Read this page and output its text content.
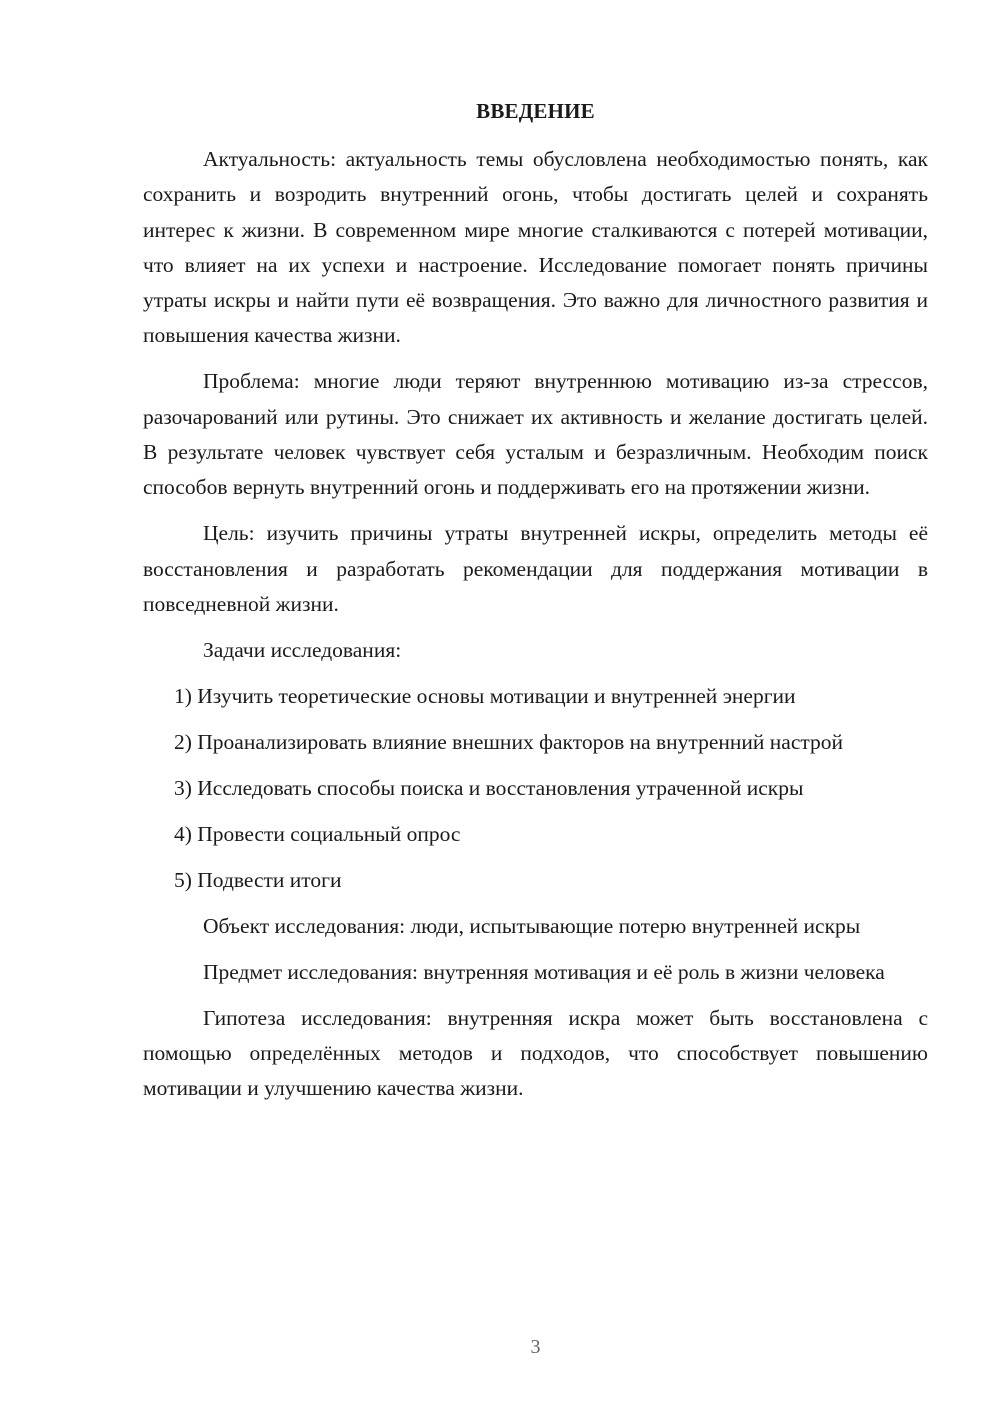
ВВЕДЕНИЕ

Актуальность: актуальность темы обусловлена необходимостью понять, как сохранить и возродить внутренний огонь, чтобы достигать целей и сохранять интерес к жизни. В современном мире многие сталкиваются с потерей мотивации, что влияет на их успехи и настроение. Исследование помогает понять причины утраты искры и найти пути её возвращения. Это важно для личностного развития и повышения качества жизни.

Проблема: многие люди теряют внутреннюю мотивацию из-за стрессов, разочарований или рутины. Это снижает их активность и желание достигать целей. В результате человек чувствует себя усталым и безразличным. Необходим поиск способов вернуть внутренний огонь и поддерживать его на протяжении жизни.

Цель: изучить причины утраты внутренней искры, определить методы её восстановления и разработать рекомендации для поддержания мотивации в повседневной жизни.

Задачи исследования:

1) Изучить теоретические основы мотивации и внутренней энергии

2) Проанализировать влияние внешних факторов на внутренний настрой

3) Исследовать способы поиска и восстановления утраченной искры

4) Провести социальный опрос

5) Подвести итоги

Объект исследования: люди, испытывающие потерю внутренней искры

Предмет исследования: внутренняя мотивация и её роль в жизни человека

Гипотеза исследования: внутренняя искра может быть восстановлена с помощью определённых методов и подходов, что способствует повышению мотивации и улучшению качества жизни.

3
